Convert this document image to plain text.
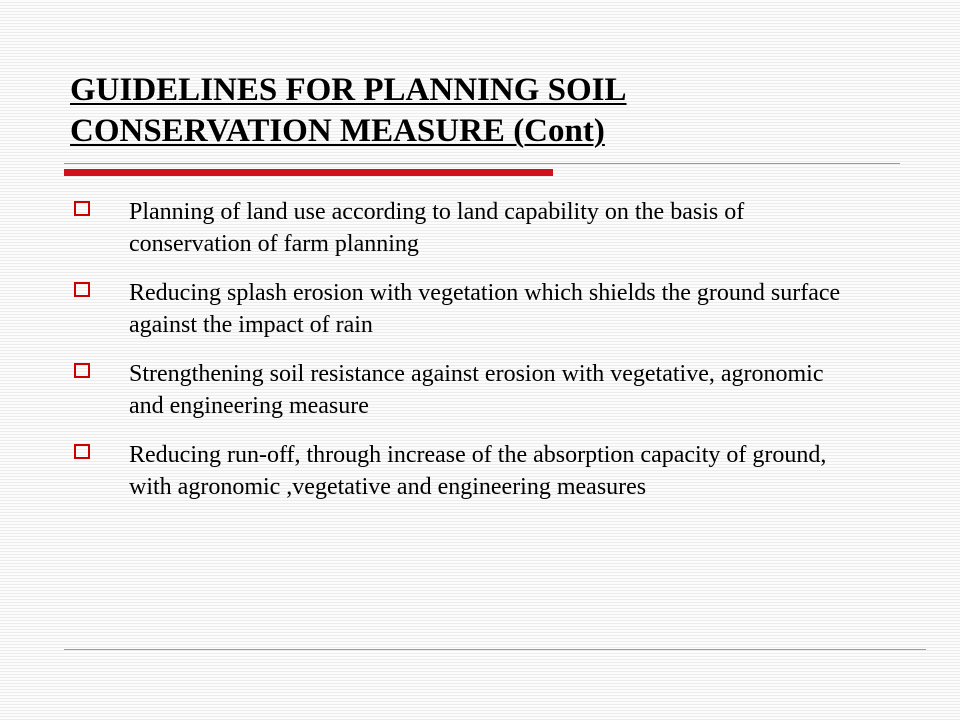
GUIDELINES FOR PLANNING SOIL
CONSERVATION MEASURE (Cont)
Planning of land use according to land capability on the basis of conservation of farm planning
Reducing splash erosion with vegetation which shields the ground surface against the impact of rain
Strengthening soil resistance against erosion with vegetative, agronomic and engineering measure
Reducing run-off, through increase of the absorption capacity of ground, with agronomic ,vegetative and engineering measures
